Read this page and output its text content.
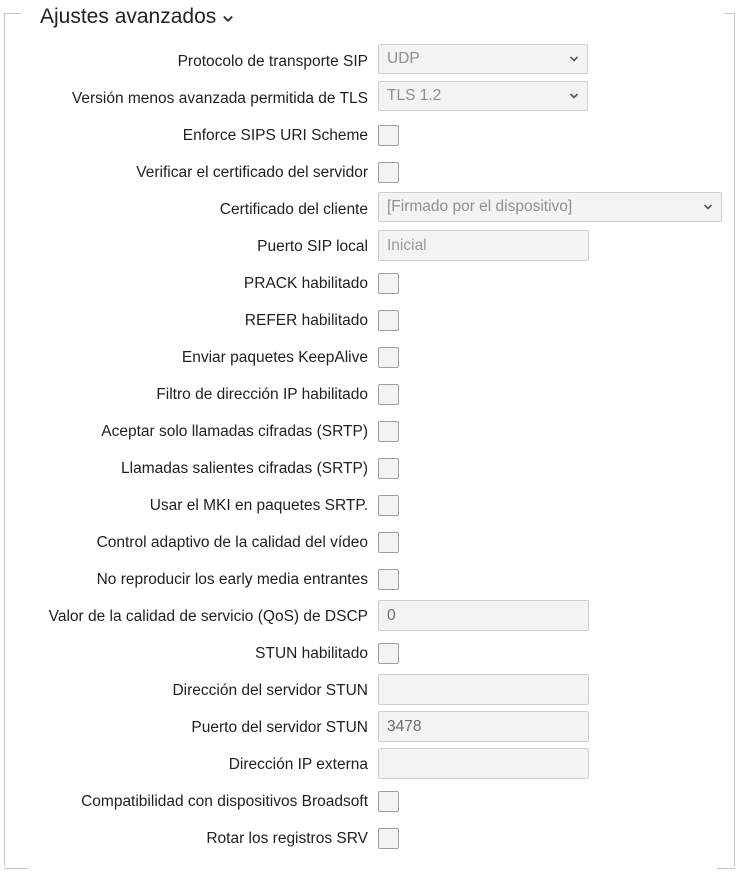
Ajustes avanzados
Protocolo de transporte SIP	UDP
Versión menos avanzada permitida de TLS	TLS 1.2
Enforce SIPS URI Scheme
Verificar el certificado del servidor
Certificado del cliente	[Firmado por el dispositivo]
Puerto SIP local	Inicial
PRACK habilitado
REFER habilitado
Enviar paquetes KeepAlive
Filtro de dirección IP habilitado
Aceptar solo llamadas cifradas (SRTP)
Llamadas salientes cifradas (SRTP)
Usar el MKI en paquetes SRTP.
Control adaptivo de la calidad del vídeo
No reproducir los early media entrantes
Valor de la calidad de servicio (QoS) de DSCP	0
STUN habilitado
Dirección del servidor STUN
Puerto del servidor STUN	3478
Dirección IP externa
Compatibilidad con dispositivos Broadsoft
Rotar los registros SRV
